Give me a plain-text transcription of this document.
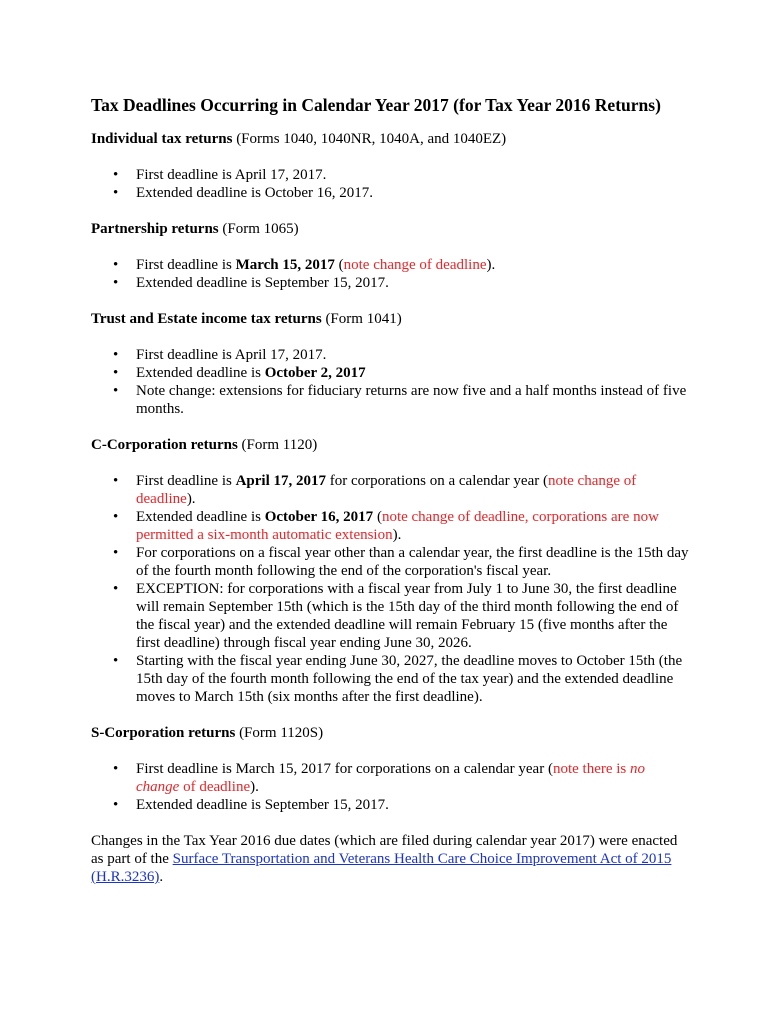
Tax Deadlines Occurring in Calendar Year 2017 (for Tax Year 2016 Returns)
Individual tax returns (Forms 1040, 1040NR, 1040A, and 1040EZ)
• First deadline is April 17, 2017.
• Extended deadline is October 16, 2017.
Partnership returns (Form 1065)
• First deadline is March 15, 2017 (note change of deadline).
• Extended deadline is September 15, 2017.
Trust and Estate income tax returns (Form 1041)
• First deadline is April 17, 2017.
• Extended deadline is October 2, 2017
• Note change: extensions for fiduciary returns are now five and a half months instead of five months.
C-Corporation returns (Form 1120)
• First deadline is April 17, 2017 for corporations on a calendar year (note change of deadline).
• Extended deadline is October 16, 2017 (note change of deadline, corporations are now permitted a six-month automatic extension).
• For corporations on a fiscal year other than a calendar year, the first deadline is the 15th day of the fourth month following the end of the corporation's fiscal year.
• EXCEPTION: for corporations with a fiscal year from July 1 to June 30, the first deadline will remain September 15th (which is the 15th day of the third month following the end of the fiscal year) and the extended deadline will remain February 15 (five months after the first deadline) through fiscal year ending June 30, 2026.
• Starting with the fiscal year ending June 30, 2027, the deadline moves to October 15th (the 15th day of the fourth month following the end of the tax year) and the extended deadline moves to March 15th (six months after the first deadline).
S-Corporation returns (Form 1120S)
• First deadline is March 15, 2017 for corporations on a calendar year (note there is no change of deadline).
• Extended deadline is September 15, 2017.

Changes in the Tax Year 2016 due dates (which are filed during calendar year 2017) were enacted as part of the Surface Transportation and Veterans Health Care Choice Improvement Act of 2015 (H.R.3236).
